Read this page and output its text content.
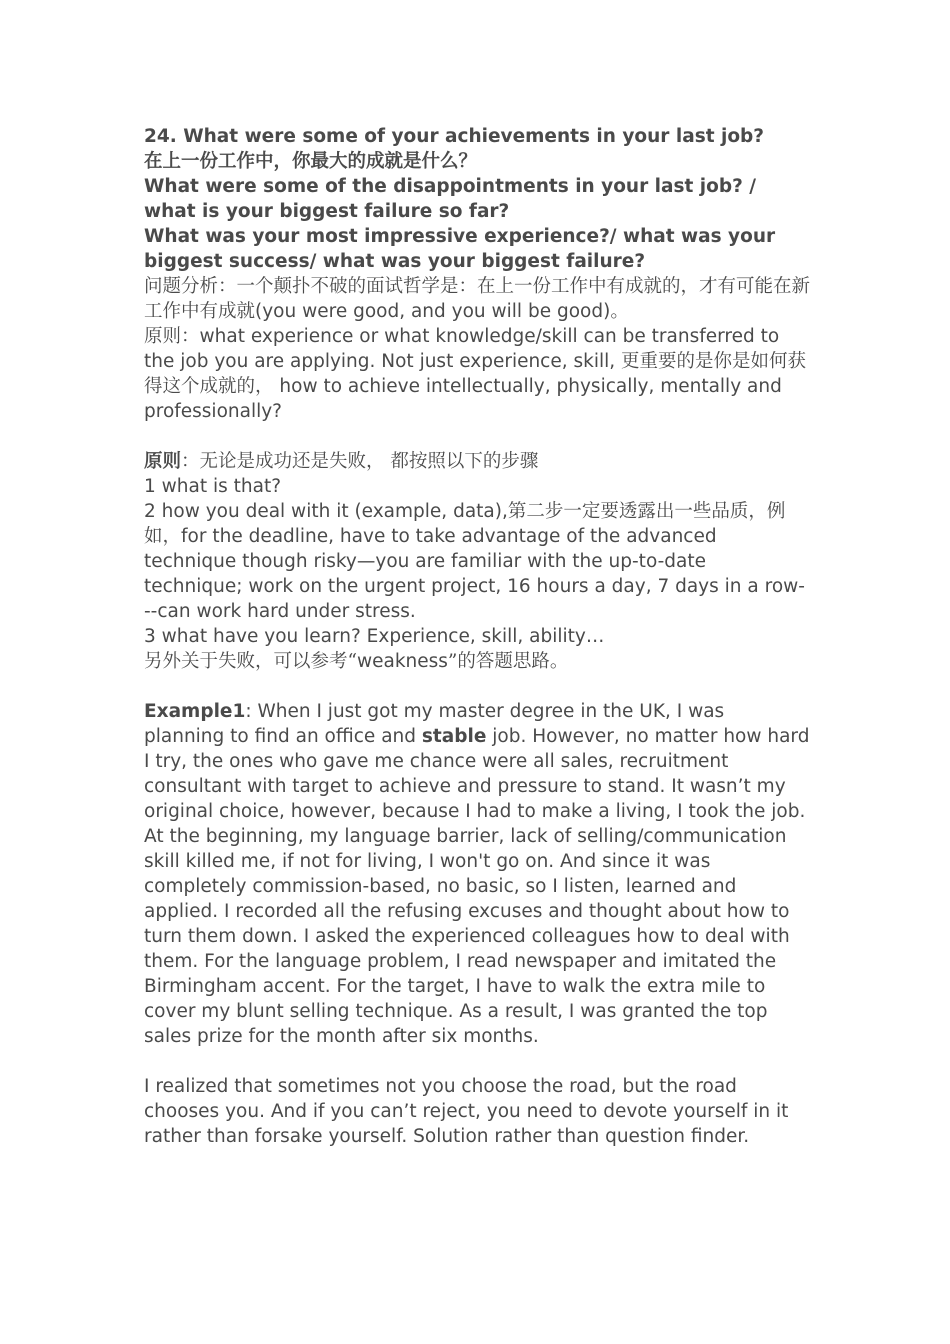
24. What were some of your achievements in your last job?

在上一份工作中，你最大的成就是什么？

What were some of the disappointments in your last job? / what is your biggest failure so far?

What was your most impressive experience?/ what was your biggest success/ what was your biggest failure?

问题分析：一个颠扑不破的面试哲学是：在上一份工作中有成就的，才有可能在新工作中有成就(you were good, and you will be good)。

原则：what experience or what knowledge/skill can be transferred to the job you are applying. Not just experience, skill, 更重要的是你是如何获得这个成就的， how to achieve intellectually, physically, mentally and professionally?

原则：无论是成功还是失败， 都按照以下的步骤

1 what is that?

2 how you deal with it (example, data),第二步一定要透露出一些品质，例如，for the deadline, have to take advantage of the advanced technique though risky—you are familiar with the up-to-date technique; work on the urgent project, 16 hours a day, 7 days in a row---can work hard under stress.

3 what have you learn? Experience, skill, ability…

另外关于失败，可以参考“weakness”的答题思路。

Example1: When I just got my master degree in the UK, I was planning to find an office and stable job. However, no matter how hard I try, the ones who gave me chance were all sales, recruitment consultant with target to achieve and pressure to stand. It wasn’t my original choice, however, because I had to make a living, I took the job. At the beginning, my language barrier, lack of selling/communication skill killed me, if not for living, I won't go on. And since it was completely commission-based, no basic, so I listen, learned and applied. I recorded all the refusing excuses and thought about how to turn them down. I asked the experienced colleagues how to deal with them. For the language problem, I read newspaper and imitated the Birmingham accent. For the target, I have to walk the extra mile to cover my blunt selling technique. As a result, I was granted the top sales prize for the month after six months.

I realized that sometimes not you choose the road, but the road chooses you. And if you can’t reject, you need to devote yourself in it rather than forsake yourself. Solution rather than question finder.
